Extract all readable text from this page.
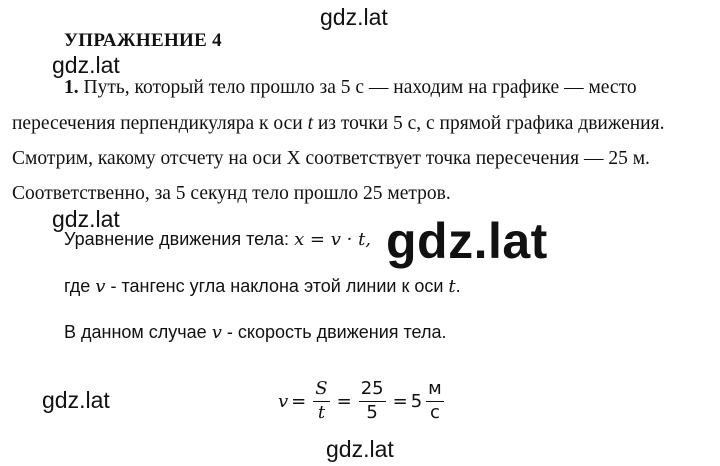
gdz.lat
УПРАЖНЕНИЕ 4
gdz.lat
1. Путь, который тело прошло за 5 с — находим на графике — место
пересечения перпендикуляра к оси t из точки 5 с, с прямой графика движения.
Смотрим, какому отсчету на оси X соответствует точка пересечения — 25 м.
Соответственно, за 5 секунд тело прошло 25 метров.
gdz.lat
Уравнение движения тела: x = v · t, gdz.lat
где v - тангенс угла наклона этой линии к оси t.
В данном случае v - скорость движения тела.
gdz.lat	$v = \frac{S}{t} = \frac{25}{5} = 5 \frac{м}{с}$
gdz.lat
